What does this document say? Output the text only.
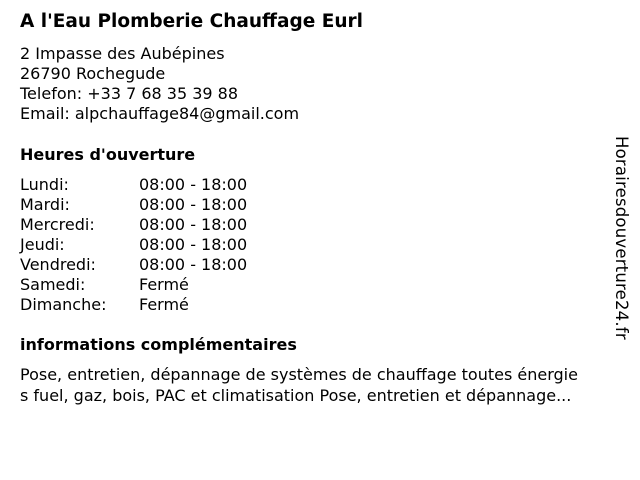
A l'Eau Plomberie Chauffage Eurl
2 Impasse des Aubépines
26790 Rochegude
Telefon: +33 7 68 35 39 88
Email: alpchauffage84@gmail.com
Heures d'ouverture
Lundi:	08:00 - 18:00
Mardi:	08:00 - 18:00
Mercredi:	08:00 - 18:00
Jeudi:	08:00 - 18:00
Vendredi:	08:00 - 18:00
Samedi:	Fermé
Dimanche:	Fermé
informations complémentaires
Pose, entretien, dépannage de systèmes de chauffage toutes énergie
s fuel, gaz, bois, PAC et climatisation Pose, entretien et dépannage...
Horairesdouverture24.fr
